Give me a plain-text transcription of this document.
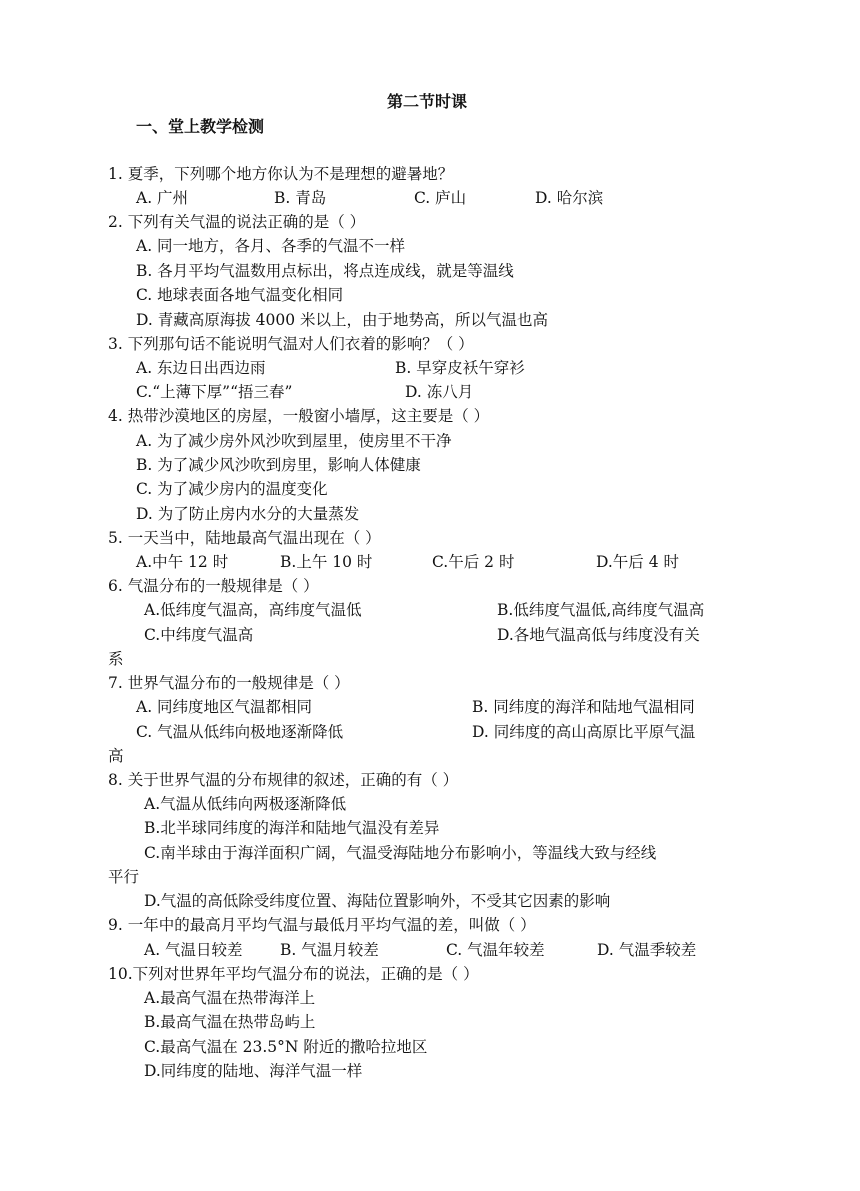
第二节时课
一、堂上教学检测
1. 夏季，下列哪个地方你认为不是理想的避暑地？
A. 广州	B. 青岛	C. 庐山	D. 哈尔滨
2. 下列有关气温的说法正确的是（ ）
A. 同一地方，各月、各季的气温不一样
B. 各月平均气温数用点标出，将点连成线，就是等温线
C. 地球表面各地气温变化相同
D. 青藏高原海拔 4000 米以上，由于地势高，所以气温也高
3. 下列那句话不能说明气温对人们衣着的影响？（ ）
A. 东边日出西边雨	B. 早穿皮袄午穿衫
C.“上薄下厚”“捂三春”	D. 冻八月
4. 热带沙漠地区的房屋，一般窗小墙厚，这主要是（ ）
A. 为了减少房外风沙吹到屋里，使房里不干净
B. 为了减少风沙吹到房里，影响人体健康
C. 为了减少房内的温度变化
D. 为了防止房内水分的大量蒸发
5. 一天当中，陆地最高气温出现在（ ）
A.中午 12 时	B.上午 10 时	C.午后 2 时	D.午后 4 时
6. 气温分布的一般规律是（ ）
A.低纬度气温高，高纬度气温低	B.低纬度气温低,高纬度气温高
C.中纬度气温高	D.各地气温高低与纬度没有关
系
7. 世界气温分布的一般规律是（ ）
A. 同纬度地区气温都相同	B. 同纬度的海洋和陆地气温相同
C. 气温从低纬向极地逐渐降低	D. 同纬度的高山高原比平原气温
高
8. 关于世界气温的分布规律的叙述，正确的有（ ）
A.气温从低纬向两极逐渐降低
B.北半球同纬度的海洋和陆地气温没有差异
C.南半球由于海洋面积广阔，气温受海陆地分布影响小，等温线大致与经线
平行
D.气温的高低除受纬度位置、海陆位置影响外，不受其它因素的影响
9. 一年中的最高月平均气温与最低月平均气温的差，叫做（ ）
A. 气温日较差 B. 气温月较差	C. 气温年较差	D. 气温季较差
10.下列对世界年平均气温分布的说法，正确的是（ ）
A.最高气温在热带海洋上
B.最高气温在热带岛屿上
C.最高气温在 23.5°N 附近的撒哈拉地区
D.同纬度的陆地、海洋气温一样
